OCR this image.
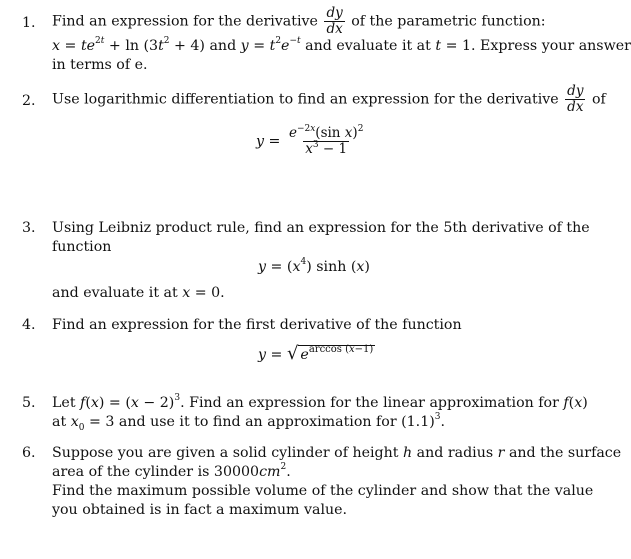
1.	Find an expression for the derivative $\frac{dy}{dx}$ of the parametric function:
$x = te^{2t} + \ln (3t^2 + 4)$ and $y = t^2e^{-t}$ and evaluate it at t = 1. Express your answer
in terms of e.
2.	Use logarithmic differentiation to find an expression for the derivative $\frac{dy}{dx}$ of
$y = \frac{e^{-2x}(\sin x)^2}{x^3 - 1}$
3.	Using Leibniz product rule, find an expression for the 5th derivative of the
function
$y = (x^4)$ sinh (x)
and evaluate it at x = 0.
4.	Find an expression for the first derivative of the function
y = √ $e^{arccos (x-1)}$
5.	Let $f(x) = (x - 2)^3$. Find an expression for the linear approximation for f(x)
at $x_0 = 3$ and use it to find an approximation for $(1.1)^3$.
6.	Suppose you are given a solid cylinder of height h and radius r and the surface
area of the cylinder is $30000cm^2$.
Find the maximum possible volume of the cylinder and show that the value
you obtained is in fact a maximum value.
